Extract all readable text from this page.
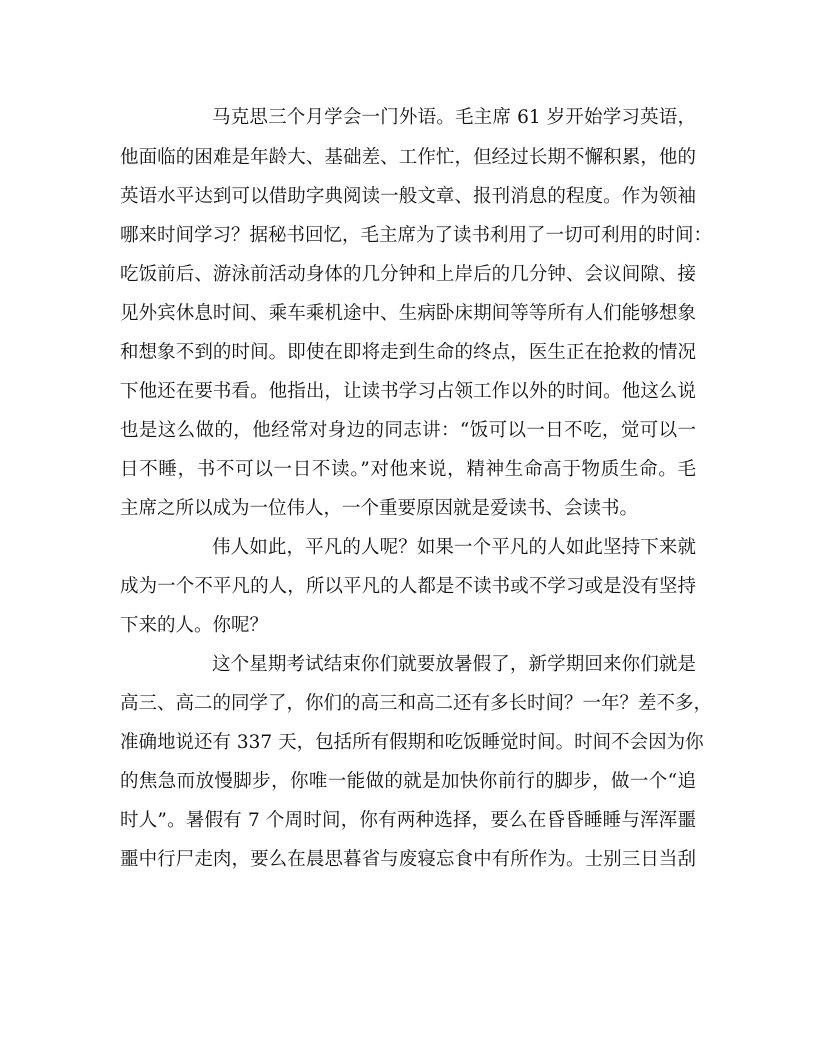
马克思三个月学会一门外语。毛主席 61 岁开始学习英语，
他面临的困难是年龄大、基础差、工作忙，但经过长期不懈积累，他的
英语水平达到可以借助字典阅读一般文章、报刊消息的程度。作为领袖
哪来时间学习？据秘书回忆，毛主席为了读书利用了一切可利用的时间：
吃饭前后、游泳前活动身体的几分钟和上岸后的几分钟、会议间隙、接
见外宾休息时间、乘车乘机途中、生病卧床期间等等所有人们能够想象
和想象不到的时间。即使在即将走到生命的终点，医生正在抢救的情况
下他还在要书看。他指出，让读书学习占领工作以外的时间。他这么说
也是这么做的，他经常对身边的同志讲：“饭可以一日不吃，觉可以一
日不睡，书不可以一日不读。”对他来说，精神生命高于物质生命。毛
主席之所以成为一位伟人，一个重要原因就是爱读书、会读书。
伟人如此，平凡的人呢？如果一个平凡的人如此坚持下来就
成为一个不平凡的人，所以平凡的人都是不读书或不学习或是没有坚持
下来的人。你呢？
这个星期考试结束你们就要放暑假了，新学期回来你们就是
高三、高二的同学了，你们的高三和高二还有多长时间？一年？差不多，
准确地说还有 337 天，包括所有假期和吃饭睡觉时间。时间不会因为你
的焦急而放慢脚步，你唯一能做的就是加快你前行的脚步，做一个“追
时人”。暑假有 7 个周时间，你有两种选择，要么在昏昏睡睡与浑浑噩
噩中行尸走肉，要么在晨思暮省与废寝忘食中有所作为。士别三日当刮
